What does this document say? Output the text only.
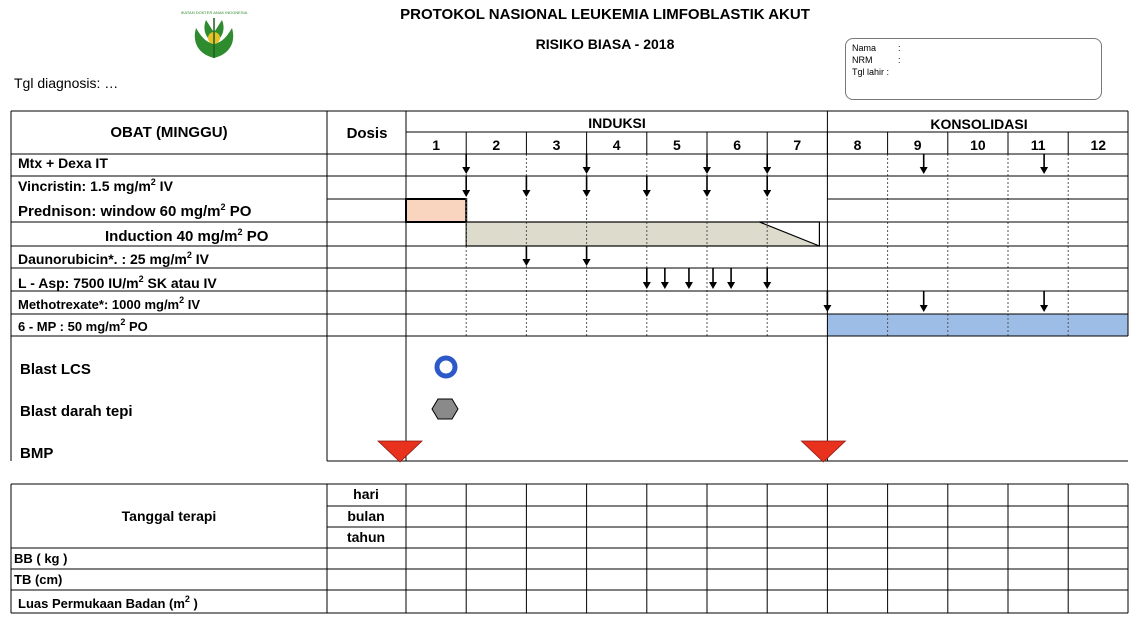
IKATAN DOKTER ANAK INDONESIA	PROTOKOL NASIONAL LEUKEMIA LIMFOBLASTIK AKUT
RISIKO BIASA - 2018
Tgl diagnosis: …
Nama :
NRM	:
Tgl lahir :
OBAT (MINGGU)	Dosis
INDUKSI	KONSOLIDASI
1	2	3	4	5	6	7	8	9	10	11	12
Mtx + Dexa IT
Vincristin: 1.5 $mg/m^2$ IV
Prednison: window 60 $mg/m^2$ PO
Induction 40 $mg/m^2$ PO
Daunorubicin*. : 25 $mg/m^2$ IV
L - Asp: 7500 $IU/m^2$ SK atau IV
Methotrexate*: 1000 $mg/m^2$ IV
6 - MP : 50 $mg/m^2$ PO
Blast LCS
Blast darah tepi
BMP
Tanggal terapi
hari
bulan
tahun
BB ( kg )
TB (cm)
Luas Permukaan Badan ($m^2$ )
